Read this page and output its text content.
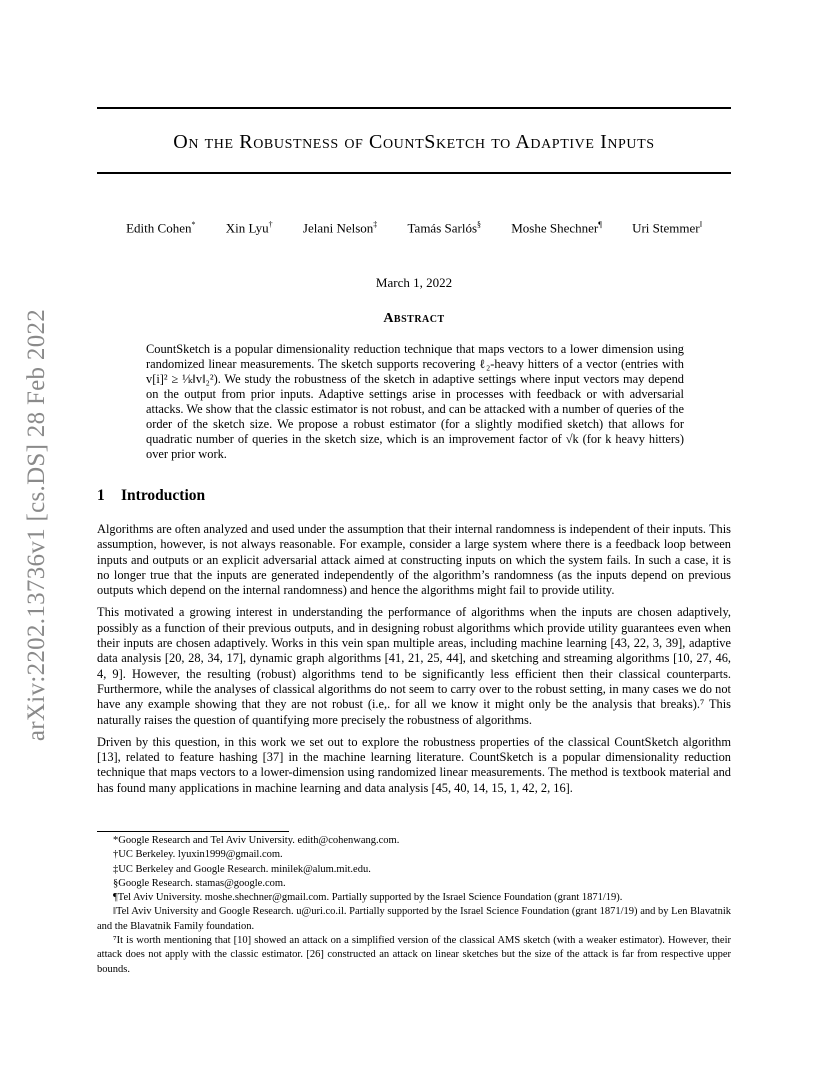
arXiv:2202.13736v1 [cs.DS] 28 Feb 2022
On the Robustness of CountSketch to Adaptive Inputs
Edith Cohen* Xin Lyu† Jelani Nelson‡ Tamás Sarlós§ Moshe Shechner¶ Uri Stemmer‖
March 1, 2022
Abstract
CountSketch is a popular dimensionality reduction technique that maps vectors to a lower dimension using randomized linear measurements. The sketch supports recovering ℓ₂-heavy hitters of a vector (entries with v[i]² ≥ ¹⁄ₖ‖v‖₂²). We study the robustness of the sketch in adaptive settings where input vectors may depend on the output from prior inputs. Adaptive settings arise in processes with feedback or with adversarial attacks. We show that the classic estimator is not robust, and can be attacked with a number of queries of the order of the sketch size. We propose a robust estimator (for a slightly modified sketch) that allows for quadratic number of queries in the sketch size, which is an improvement factor of √k (for k heavy hitters) over prior work.
1 Introduction

Algorithms are often analyzed and used under the assumption that their internal randomness is independent of their inputs. This assumption, however, is not always reasonable. For example, consider a large system where there is a feedback loop between inputs and outputs or an explicit adversarial attack aimed at constructing inputs on which the system fails. In such a case, it is no longer true that the inputs are generated independently of the algorithm’s randomness (as the inputs depend on previous outputs which depend on the internal randomness) and hence the algorithms might fail to provide utility.

This motivated a growing interest in understanding the performance of algorithms when the inputs are chosen adaptively, possibly as a function of their previous outputs, and in designing robust algorithms which provide utility guarantees even when their inputs are chosen adaptively. Works in this vein span multiple areas, including machine learning [43, 22, 3, 39], adaptive data analysis [20, 28, 34, 17], dynamic graph algorithms [41, 21, 25, 44], and sketching and streaming algorithms [10, 27, 46, 4, 9]. However, the resulting (robust) algorithms tend to be significantly less efficient then their classical counterparts. Furthermore, while the analyses of classical algorithms do not seem to carry over to the robust setting, in many cases we do not have any example showing that they are not robust (i.e,. for all we know it might only be the analysis that breaks).⁷ This naturally raises the question of quantifying more precisely the robustness of algorithms.

Driven by this question, in this work we set out to explore the robustness properties of the classical CountSketch algorithm [13], related to feature hashing [37] in the machine learning literature. CountSketch is a popular dimensionality reduction technique that maps vectors to a lower-dimension using randomized linear measurements. The method is textbook material and has found many applications in machine learning and data analysis [45, 40, 14, 15, 1, 42, 2, 16].

*Google Research and Tel Aviv University. edith@cohenwang.com.

†UC Berkeley. lyuxin1999@gmail.com.

‡UC Berkeley and Google Research. minilek@alum.mit.edu.

§Google Research. stamas@google.com.

¶Tel Aviv University. moshe.shechner@gmail.com. Partially supported by the Israel Science Foundation (grant 1871/19).

‖Tel Aviv University and Google Research. u@uri.co.il. Partially supported by the Israel Science Foundation (grant 1871/19) and by Len Blavatnik and the Blavatnik Family foundation.

⁷It is worth mentioning that [10] showed an attack on a simplified version of the classical AMS sketch (with a weaker estimator). However, their attack does not apply with the classic estimator. [26] constructed an attack on linear sketches but the size of the attack is far from respective upper bounds.
